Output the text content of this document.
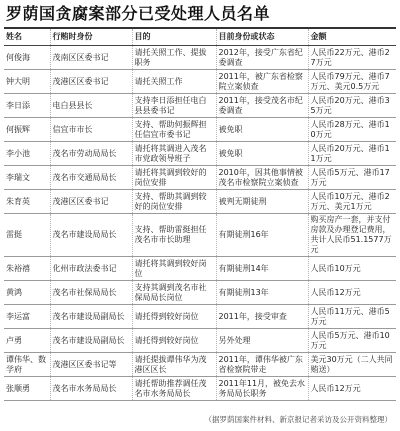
罗荫国贪腐案部分已受处理人员名单
姓名	行贿时身份	目的	目前身份或状态	金额
何俊海	茂南区区委书记	请托关照工作、提拔职务	2012年，接受广东省纪委调查	人民币22万元、港币27万元
钟大明	茂港区区委书记	请托关照工作	2011年，被广东省检察院立案侦查	人民币79万元、港币7万元、美元0.5万元
李日添	电白县县长	支持李日添担任电白县县委书记	2011年，接受茂名市纪委调查	人民币20万元、港币35万元
何振辉	信宜市市长	支持、帮助何振辉担任信宜市委书记	被免职	人民币28万元、港币10万元
李小池	茂名市劳动局局长	请托将其调进入茂名市党政领导班子	被免职	人民币20万元、港币11万元
李瑞文	茂名市交通局局长	请托将其调到较好的岗位安排	2010年，因其他事情被茂名市检察院立案侦查	人民币5万元、港币17万元
朱育英	茂港区区委书记	支持、帮助其调到较好的岗位安排	被判无期徒刑	人民币10万元、港币2万元、美元1万元
雷挺	茂名市建设局局长	支持、帮助雷挺担任茂名市市长助理	有期徒刑16年	购买房产一套，并支付房款及办理登记费用，共计人民币51.1577万元
朱裕禧	化州市政法委书记	请托将其调到较好岗位	有期徒刑14年	人民币10万元
黄鸿	茂名市社保局局长	支持其调到茂名市社保局局长岗位	有期徒刑13年	人民币12万元
李运富	茂名市建设局副局长	请托得到较好岗位	2011年，接受审查	人民币11万元、港币5万元
卢勇	茂名市建设局副局长	请托得到较好岗位	另外处理	人民币5万元、港币10万元
谭伟华、数学府	茂港区区委书记等	请托提拔谭伟华为茂港区区长	2011年，谭伟华被广东省检察院带走	美元30万元（二人共同贿送）
张顺勇	茂名市水务局局长	请托帮助推荐调任茂名市水务局局长	2011年11月，被免去水务局局长职务	人民币12万元
（据罗荫国案件材料、新京报记者采访及公开资料整理）
